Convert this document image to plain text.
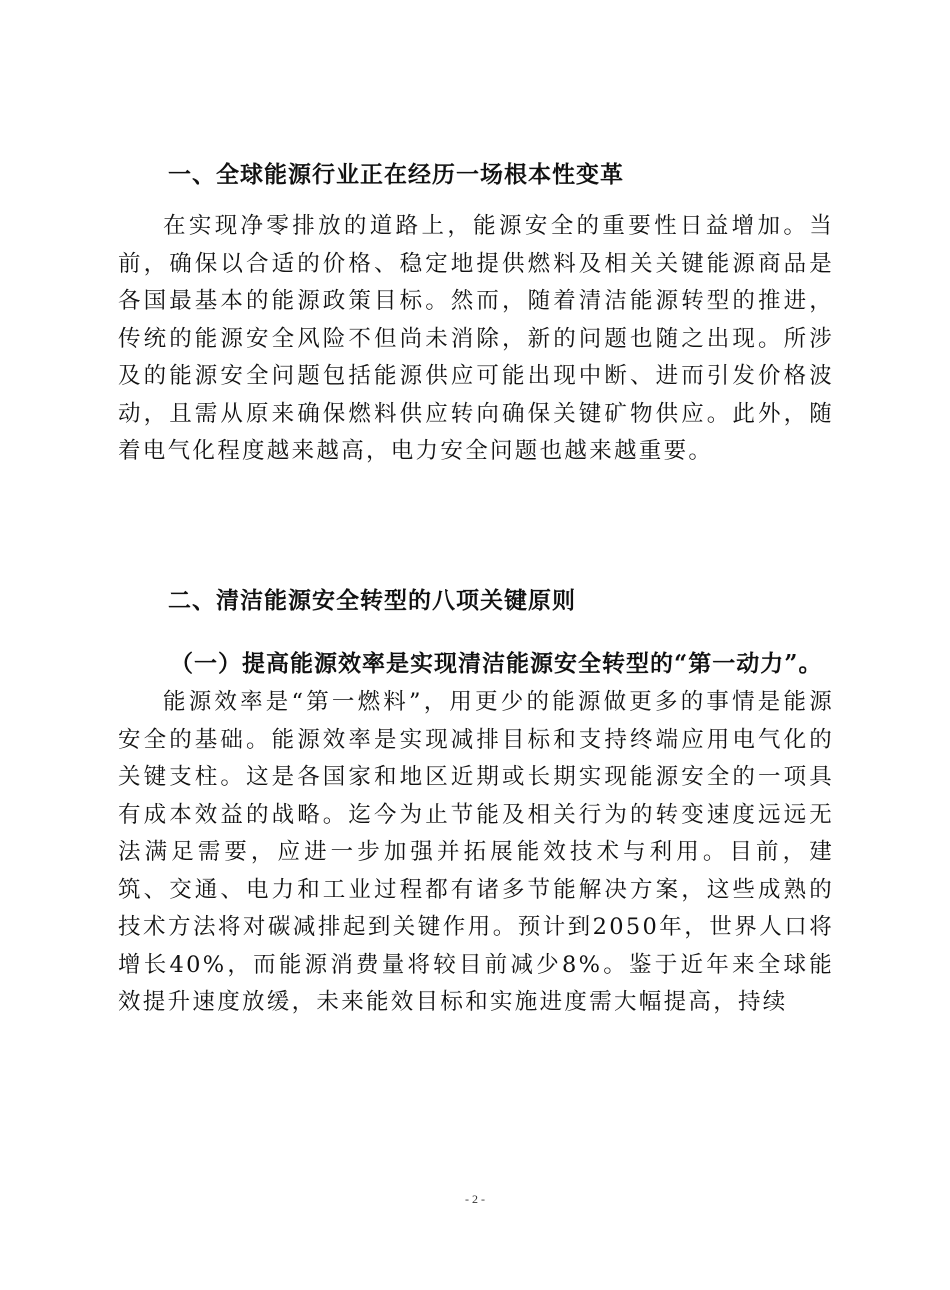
一、全球能源行业正在经历一场根本性变革

在实现净零排放的道路上，能源安全的重要性日益增加。当前，确保以合适的价格、稳定地提供燃料及相关关键能源商品是各国最基本的能源政策目标。然而，随着清洁能源转型的推进，传统的能源安全风险不但尚未消除，新的问题也随之出现。所涉及的能源安全问题包括能源供应可能出现中断、进而引发价格波动，且需从原来确保燃料供应转向确保关键矿物供应。此外，随着电气化程度越来越高，电力安全问题也越来越重要。

二、清洁能源安全转型的八项关键原则
（一）提高能源效率是实现清洁能源安全转型的“第一动力”。

能源效率是“第一燃料”，用更少的能源做更多的事情是能源安全的基础。能源效率是实现减排目标和支持终端应用电气化的关键支柱。这是各国家和地区近期或长期实现能源安全的一项具有成本效益的战略。迄今为止节能及相关行为的转变速度远远无法满足需要，应进一步加强并拓展能效技术与利用。目前，建筑、交通、电力和工业过程都有诸多节能解决方案，这些成熟的技术方法将对碳减排起到关键作用。预计到2050年，世界人口将增长40%，而能源消费量将较目前减少8%。鉴于近年来全球能效提升速度放缓，未来能效目标和实施进度需大幅提高，持续

- 2 -
